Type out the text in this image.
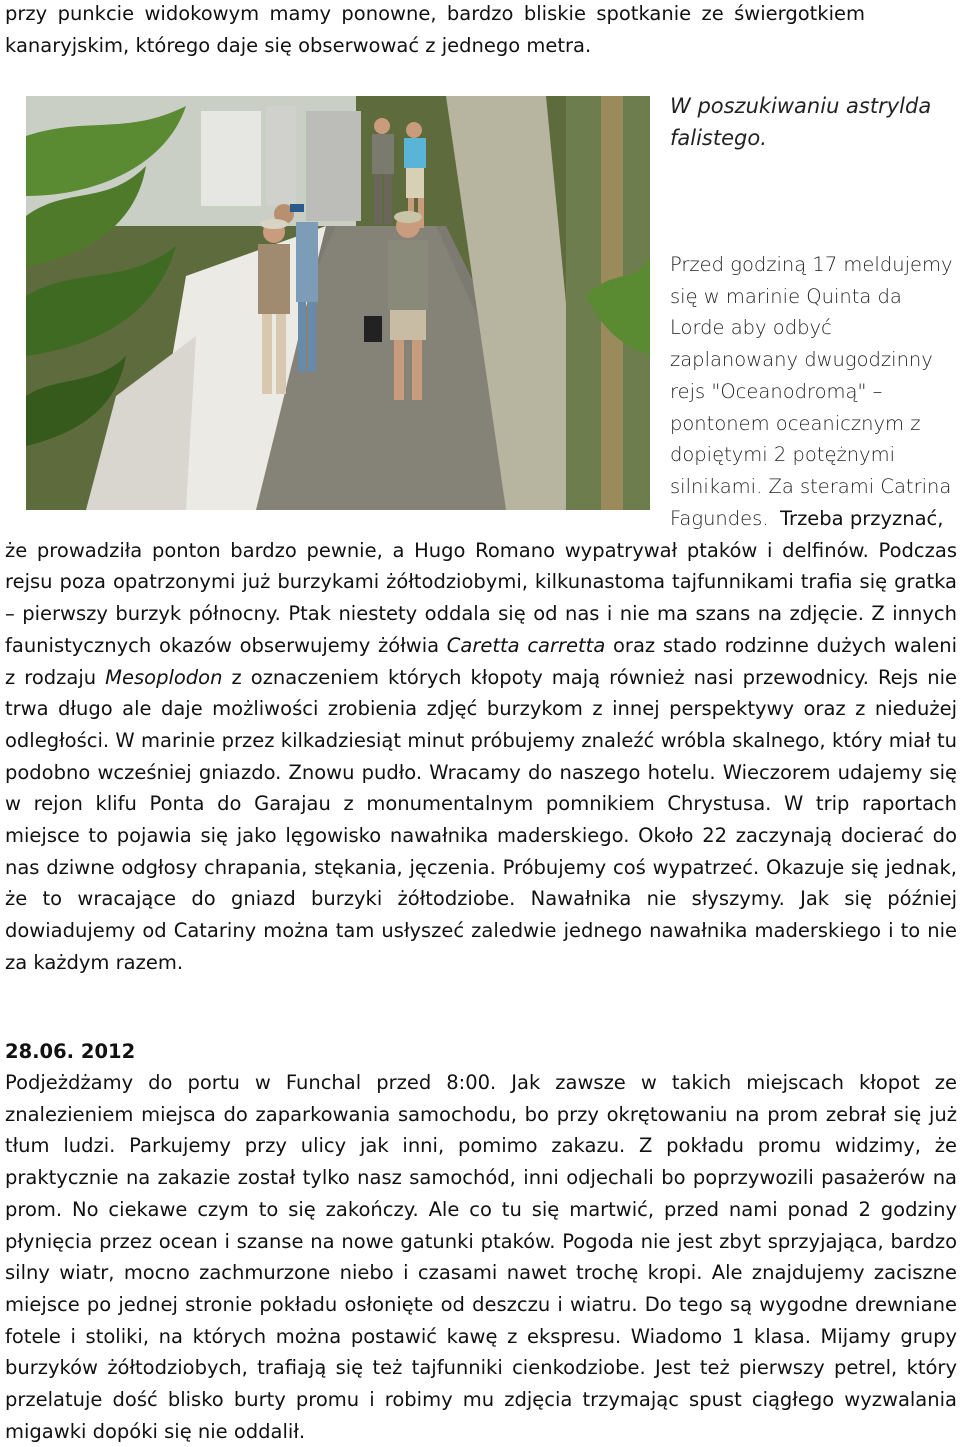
przy punkcie widokowym mamy ponowne, bardzo bliskie spotkanie ze świergotkiem kanaryjskim, którego daje się obserwować z jednego metra.

W poszukiwaniu astrylda falistego.
Przed godziną 17 meldujemy się w marinie Quinta da Lorde aby odbyć zaplanowany dwugodzinny rejs "Oceanodromą" – pontonem oceanicznym z dopiętymi 2 potężnymi silnikami. Za sterami Catrina Fagundes. Trzeba przyznać,
że prowadziła ponton bardzo pewnie, a Hugo Romano wypatrywał ptaków i delfinów. Podczas rejsu poza opatrzonymi już burzykami żółtodziobymi, kilkunastoma tajfunnikami trafia się gratka – pierwszy burzyk północny. Ptak niestety oddala się od nas i nie ma szans na zdjęcie. Z innych faunistycznych okazów obserwujemy żółwia Caretta carretta oraz stado rodzinne dużych waleni z rodzaju Mesoplodon z oznaczeniem których kłopoty mają również nasi przewodnicy. Rejs nie trwa długo ale daje możliwości zrobienia zdjęć burzykom z innej perspektywy oraz z niedużej odległości. W marinie przez kilkadziesiąt minut próbujemy znaleźć wróbla skalnego, który miał tu podobno wcześniej gniazdo. Znowu pudło. Wracamy do naszego hotelu. Wieczorem udajemy się w rejon klifu Ponta do Garajau z monumentalnym pomnikiem Chrystusa. W trip raportach miejsce to pojawia się jako lęgowisko nawałnika maderskiego. Około 22 zaczynają docierać do nas dziwne odgłosy chrapania, stękania, jęczenia. Próbujemy coś wypatrzeć. Okazuje się jednak, że to wracające do gniazd burzyki żółtodziobe. Nawałnika nie słyszymy. Jak się później dowiadujemy od Catariny można tam usłyszeć zaledwie jednego nawałnika maderskiego i to nie za każdym razem.
28.06. 2012

Podjeżdżamy do portu w Funchal przed 8:00. Jak zawsze w takich miejscach kłopot ze znalezieniem miejsca do zaparkowania samochodu, bo przy okrętowaniu na prom zebrał się już tłum ludzi. Parkujemy przy ulicy jak inni, pomimo zakazu. Z pokładu promu widzimy, że praktycznie na zakazie został tylko nasz samochód, inni odjechali bo poprzywozili pasażerów na prom. No ciekawe czym to się zakończy. Ale co tu się martwić, przed nami ponad 2 godziny płynięcia przez ocean i szanse na nowe gatunki ptaków. Pogoda nie jest zbyt sprzyjająca, bardzo silny wiatr, mocno zachmurzone niebo i czasami nawet trochę kropi. Ale znajdujemy zaciszne miejsce po jednej stronie pokładu osłonięte od deszczu i wiatru. Do tego są wygodne drewniane fotele i stoliki, na których można postawić kawę z ekspresu. Wiadomo 1 klasa. Mijamy grupy burzyków żółtodziobych, trafiają się też tajfunniki cienkodziobe. Jest też pierwszy petrel, który przelatuje dość blisko burty promu i robimy mu zdjęcia trzymając spust ciągłego wyzwalania migawki dopóki się nie oddalił.
